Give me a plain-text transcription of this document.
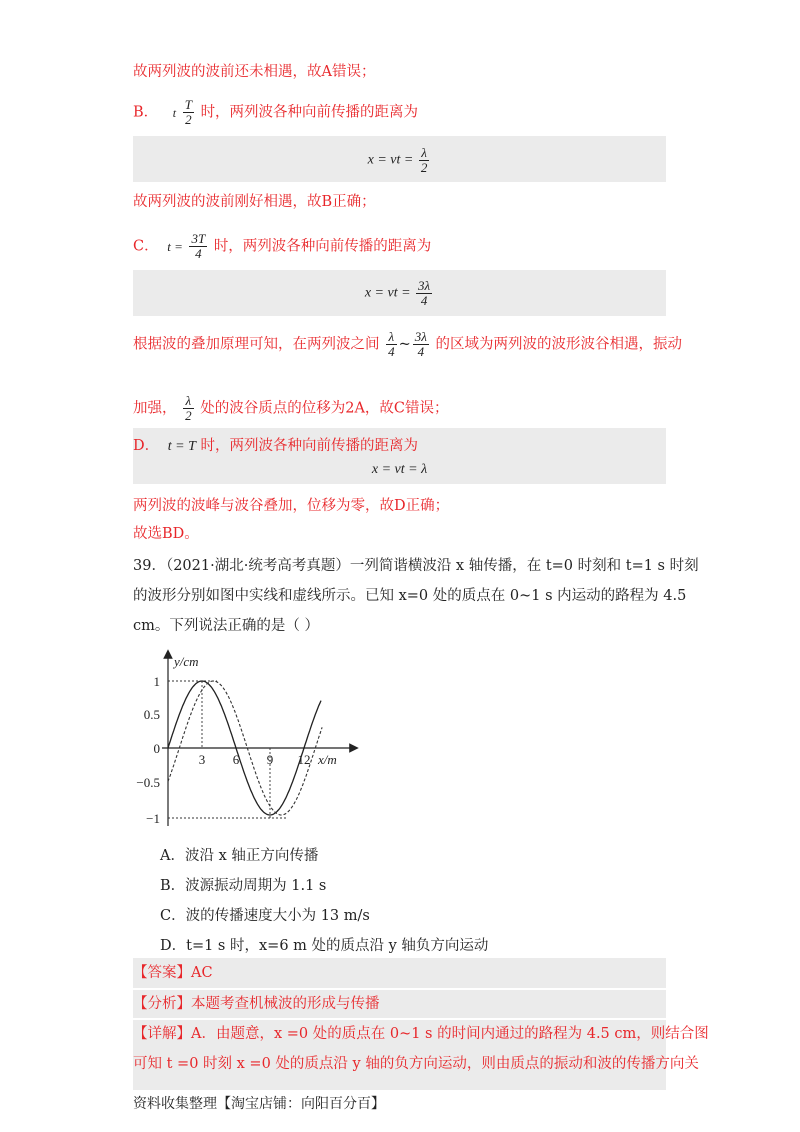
故两列波的波前还未相遇，故A错误；
B． t $\frac{T}{2}$ 时，两列波各种向前传播的距离为
x = vt = $\frac{\lambda}{2}$
故两列波的波前刚好相遇，故B正确；
C． $t = \frac{3T}{4}$ 时，两列波各种向前传播的距离为
x = vt = $\frac{3\lambda}{4}$
根据波的叠加原理可知，在两列波之间 $\frac{\lambda}{4}$ ~ $\frac{3\lambda}{4}$ 的区域为两列波的波形波谷相遇，振动
加强， $\frac{\lambda}{2}$ 处的波谷质点的位移为2A，故C错误；
D． t = T 时，两列波各种向前传播的距离为
x = vt = λ
两列波的波峰与波谷叠加，位移为零，故D正确；
故选BD。
39．（2021·湖北·统考高考真题）一列简谐横波沿 x 轴传播，在 t=0 时刻和 t=1 s 时刻
的波形分别如图中实线和虚线所示。已知 x=0 处的质点在 0~1 s 内运动的路程为 4.5
cm。下列说法正确的是（ ）
y/cm
x/m
1
0.5
0
−0.5
−1
3 6 9 12
A．波沿 x 轴正方向传播
B．波源振动周期为 1.1 s
C．波的传播速度大小为 13 m/s
D．t=1 s 时，x=6 m 处的质点沿 y 轴负方向运动
【答案】AC
【分析】本题考查机械波的形成与传播
【详解】A．由题意，x =0 处的质点在 0~1 s 的时间内通过的路程为 4.5 cm，则结合图
可知 t =0 时刻 x =0 处的质点沿 y 轴的负方向运动，则由质点的振动和波的传播方向关
资料收集整理【淘宝店铺：向阳百分百】
